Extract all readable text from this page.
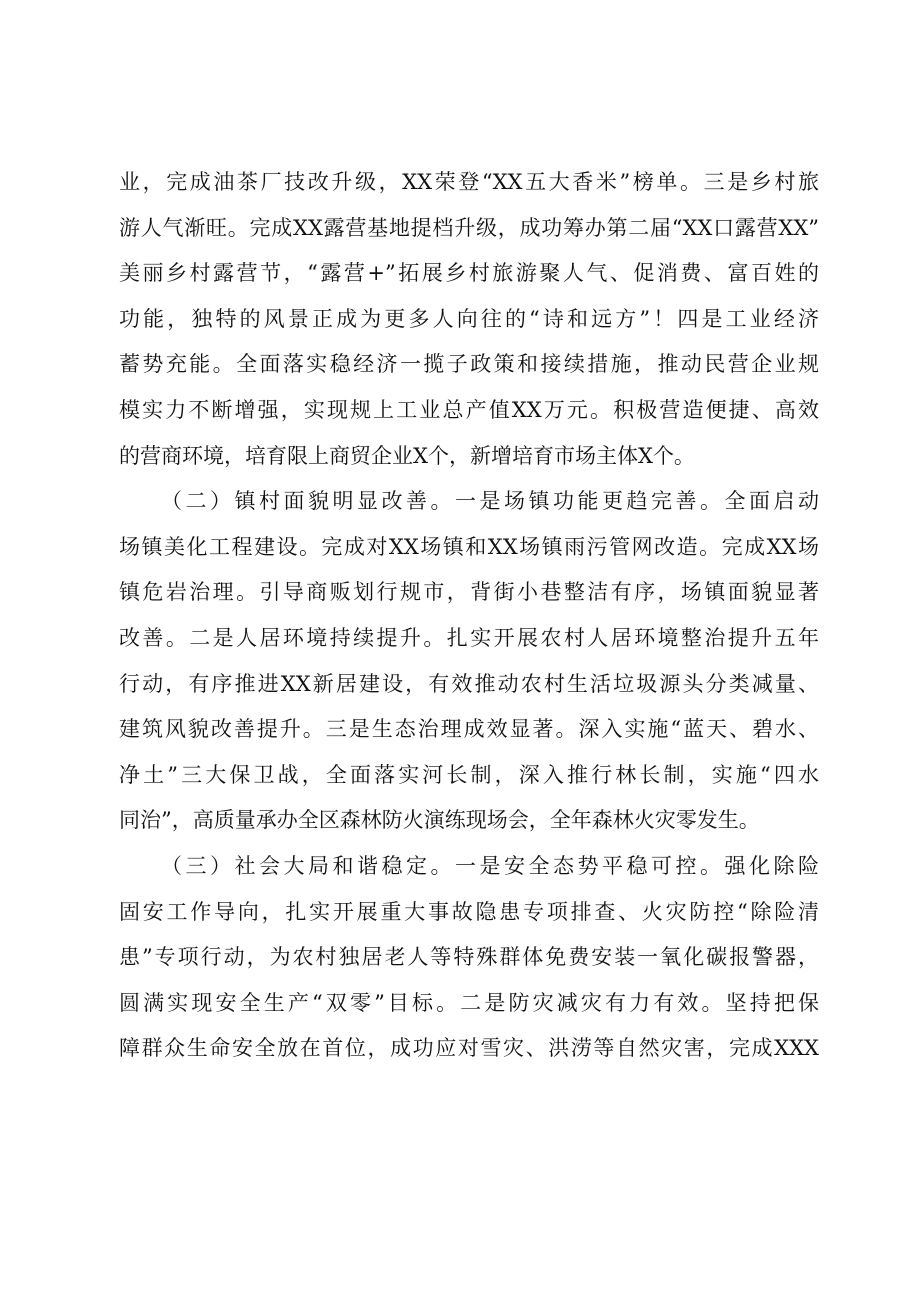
业，完成油茶厂技改升级，XX荣登“XX五大香米”榜单。三是乡村旅
游人气渐旺。完成XX露营基地提档升级，成功筹办第二届“XX口露营XX”
美丽乡村露营节，“露营+”拓展乡村旅游聚人气、促消费、富百姓的
功能，独特的风景正成为更多人向往的“诗和远方”！四是工业经济
蓄势充能。全面落实稳经济一揽子政策和接续措施，推动民营企业规
模实力不断增强，实现规上工业总产值XX万元。积极营造便捷、高效
的营商环境，培育限上商贸企业X个，新增培育市场主体X个。
（二）镇村面貌明显改善。一是场镇功能更趋完善。全面启动
场镇美化工程建设。完成对XX场镇和XX场镇雨污管网改造。完成XX场
镇危岩治理。引导商贩划行规市，背街小巷整洁有序，场镇面貌显著
改善。二是人居环境持续提升。扎实开展农村人居环境整治提升五年
行动，有序推进XX新居建设，有效推动农村生活垃圾源头分类减量、
建筑风貌改善提升。三是生态治理成效显著。深入实施“蓝天、碧水、
净土”三大保卫战，全面落实河长制，深入推行林长制，实施“四水
同治”，高质量承办全区森林防火演练现场会，全年森林火灾零发生。
（三）社会大局和谐稳定。一是安全态势平稳可控。强化除险
固安工作导向，扎实开展重大事故隐患专项排查、火灾防控“除险清
患”专项行动，为农村独居老人等特殊群体免费安装一氧化碳报警器，
圆满实现安全生产“双零”目标。二是防灾减灾有力有效。坚持把保
障群众生命安全放在首位，成功应对雪灾、洪涝等自然灾害，完成XXX
